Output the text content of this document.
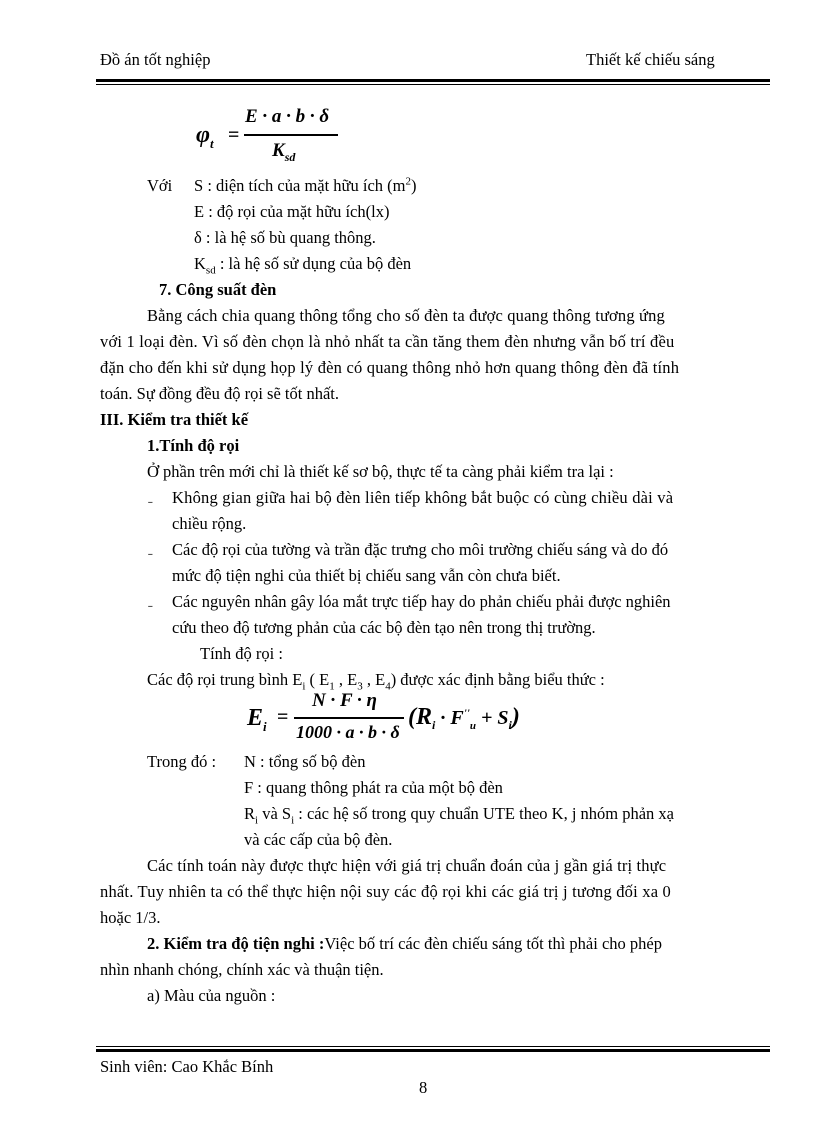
Đồ án tốt nghiệp	Thiết kế chiếu sáng
$\varphi_t$ =
E · a · b · δ
$K_{sd}$
Với S : diện tích của mặt hữu ích $(m^2)$
E : độ rọi của mặt hữu ích(lx)
δ : là hệ số bù quang thông.
$K_{sd}$ : là hệ số sử dụng của bộ đèn
7. Công suất đèn
Bằng cách chia quang thông tổng cho số đèn ta được quang thông tương ứng
với 1 loại đèn. Vì số đèn chọn là nhỏ nhất ta cần tăng them đèn nhưng vẫn bố trí đều
đặn cho đến khi sử dụng họp lý đèn có quang thông nhỏ hơn quang thông đèn đã tính
toán. Sự đồng đều độ rọi sẽ tốt nhất.
III. Kiểm tra thiết kế
1.Tính độ rọi
Ở phần trên mới chỉ là thiết kế sơ bộ, thực tế ta càng phải kiểm tra lại :
ˍ Không gian giữa hai bộ đèn liên tiếp không bắt buộc có cùng chiều dài và
chiều rộng.
ˍ Các độ rọi của tường và trần đặc trưng cho môi trường chiếu sáng và do đó
mức độ tiện nghi của thiết bị chiếu sang vẫn còn chưa biết.
ˍ Các nguyên nhân gây lóa mắt trực tiếp hay do phản chiếu phải được nghiên
cứu theo độ tương phản của các bộ đèn tạo nên trong thị trường.
Tính độ rọi :
Các độ rọi trung bình $E_i$ ( $E_1$ , $E_3$ , $E_4$) được xác định bằng biểu thức :
$E_i$ =
N · F · η
1000 · a · b · δ
$(R_i \cdot F''_u + S_i)$
Trong đó : N : tổng số bộ đèn
F : quang thông phát ra của một bộ đèn
$R_i$ và $S_i$ : các hệ số trong quy chuẩn UTE theo K, j nhóm phản xạ
và các cấp của bộ đèn.
Các tính toán này được thực hiện với giá trị chuẩn đoán của j gần giá trị thực
nhất. Tuy nhiên ta có thể thực hiện nội suy các độ rọi khi các giá trị j tương đối xa 0
hoặc 1/3.
2. Kiểm tra độ tiện nghi :Việc bố trí các đèn chiếu sáng tốt thì phải cho phép
nhìn nhanh chóng, chính xác và thuận tiện.
a) Màu của nguồn :
Sinh viên: Cao Khắc Bính
8
